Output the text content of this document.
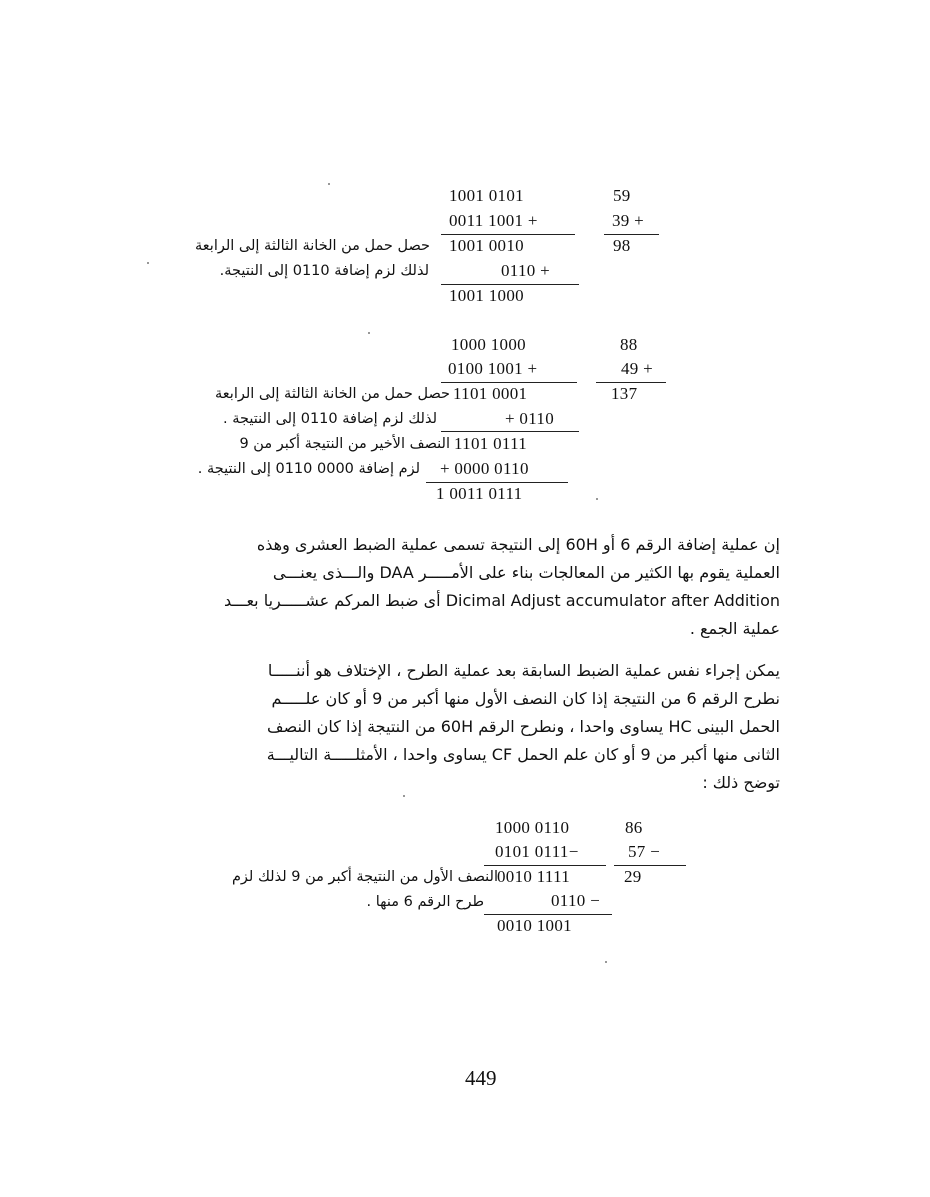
1001 0101
0011 1001 +
1001 0010
0110 +
1001 1000
59
39 +
98
حصل حمل من الخانة الثالثة إلى الرابعة
لذلك لزم إضافة 0110 إلى النتيجة.
1000 1000
0100 1001 +
1101 0001
+ 0110
1101 0111
+ 0000 0110
1 0011 0111
88
49 +
137
حصل حمل من الخانة الثالثة إلى الرابعة
لذلك لزم إضافة 0110 إلى النتيجة .
النصف الأخير من النتيجة أكبر من 9
لزم إضافة 0000 0110 إلى النتيجة .

إن عملية إضافة الرقم 6 أو 60H إلى النتيجة تسمى عملية الضبط العشرى وهذه

العملية يقوم بها الكثير من المعالجات بناء على الأمـــــر DAA والـــذى يعنـــى

Dicimal Adjust accumulator after Addition أى ضبط المركم عشـــــريا بعـــد

عملية الجمع .

يمكن إجراء نفس عملية الضبط السابقة بعد عملية الطرح ، الإختلاف هو أننـــــا

نطرح الرقم 6 من النتيجة إذا كان النصف الأول منها أكبر من 9 أو كان علـــــم

الحمل البينى HC يساوى واحدا ، ونطرح الرقم 60H من النتيجة إذا كان النصف

الثانى منها أكبر من 9 أو كان علم الحمل CF يساوى واحدا ، الأمثلـــــة التاليـــة

توضح ذلك :

1000 0110
0101 0111−
0010 1111
0110 −
0010 1001
86
57 −
29
النصف الأول من النتيجة أكبر من 9 لذلك لزم
طرح الرقم 6 منها .
449
